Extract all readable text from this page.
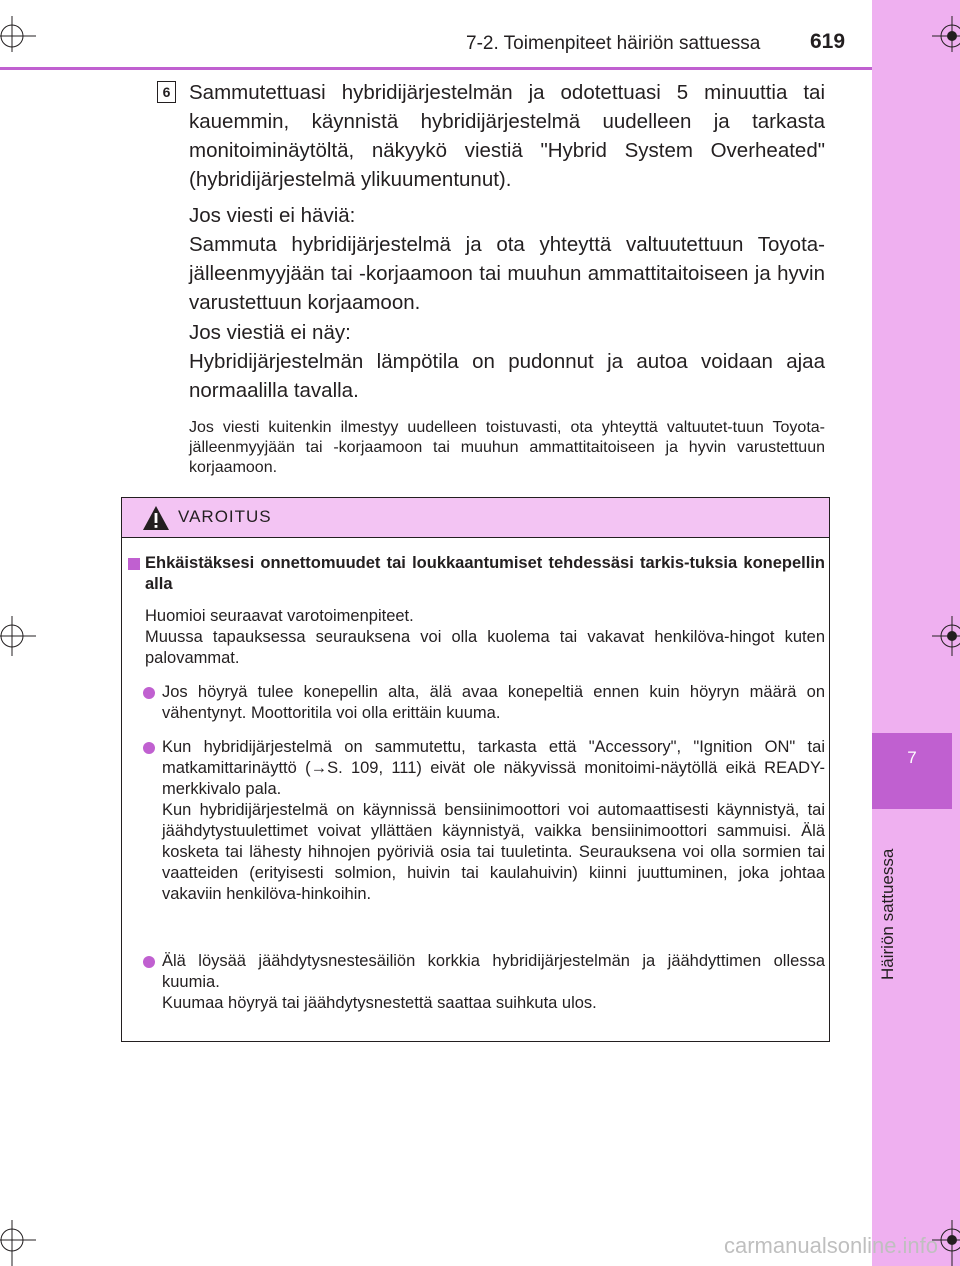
7
Häiriön sattuessa
7-2. Toimenpiteet häiriön sattuessa 619
6 Sammutettuasi hybridijärjestelmän ja odotettuasi 5 minuuttia tai kauemmin, käynnistä hybridijärjestelmä uudelleen ja tarkasta monitoiminäytöltä, näkyykö viestiä "Hybrid System Overheated" (hybridijärjestelmä ylikuumentunut).

Jos viesti ei häviä:

Sammuta hybridijärjestelmä ja ota yhteyttä valtuutettuun Toyota-jälleenmyyjään tai -korjaamoon tai muuhun ammattitaitoiseen ja hyvin varustettuun korjaamoon.

Jos viestiä ei näy:

Hybridijärjestelmän lämpötila on pudonnut ja autoa voidaan ajaa normaalilla tavalla.

Jos viesti kuitenkin ilmestyy uudelleen toistuvasti, ota yhteyttä valtuutet-tuun Toyota-jälleenmyyjään tai -korjaamoon tai muuhun ammattitaitoiseen ja hyvin varustettuun korjaamoon.

VAROITUS

Ehkäistäksesi onnettomuudet tai loukkaantumiset tehdessäsi tarkis-tuksia konepellin alla

Huomioi seuraavat varotoimenpiteet.

Muussa tapauksessa seurauksena voi olla kuolema tai vakavat henkilöva-hingot kuten palovammat.

Jos höyryä tulee konepellin alta, älä avaa konepeltiä ennen kuin höyryn määrä on vähentynyt. Moottoritila voi olla erittäin kuuma.

Kun hybridijärjestelmä on sammutettu, tarkasta että "Accessory", "Ignition ON" tai matkamittarinäyttö (→S. 109, 111) eivät ole näkyvissä monitoimi-näytöllä eikä READY-merkkivalo pala.

Kun hybridijärjestelmä on käynnissä bensiinimoottori voi automaattisesti käynnistyä, tai jäähdytystuulettimet voivat yllättäen käynnistyä, vaikka bensiinimoottori sammuisi. Älä kosketa tai lähesty hihnojen pyöriviä osia tai tuuletinta. Seurauksena voi olla sormien tai vaatteiden (erityisesti solmion, huivin tai kaulahuivin) kiinni juuttuminen, joka johtaa vakaviin henkilöva-hinkoihin.

Älä löysää jäähdytysnestesäiliön korkkia hybridijärjestelmän ja jäähdyttimen ollessa kuumia.

Kuumaa höyryä tai jäähdytysnestettä saattaa suihkuta ulos.

carmanualsonline.info
